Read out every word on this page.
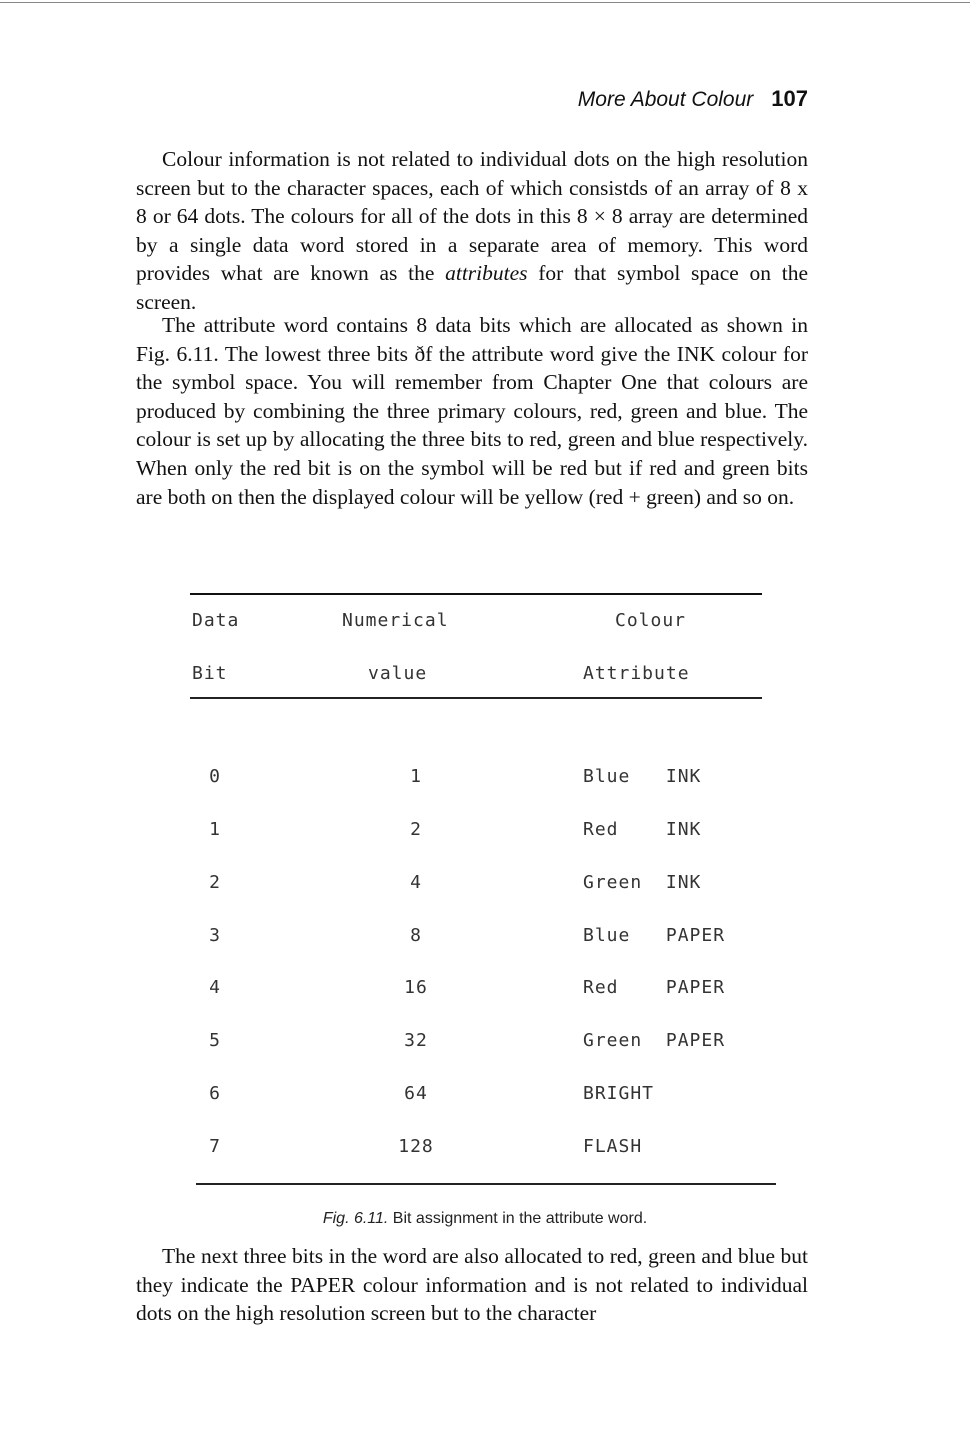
More About Colour 107

Colour information is not related to individual dots on the high resolution screen but to the character spaces, each of which consistds of an array of 8 x 8 or 64 dots. The colours for all of the dots in this 8 × 8 array are determined by a single data word stored in a separate area of memory. This word provides what are known as the attributes for that symbol space on the screen.

The attribute word contains 8 data bits which are allocated as shown in Fig. 6.11. The lowest three bits ðf the attribute word give the INK colour for the symbol space. You will remember from Chapter One that colours are produced by combining the three primary colours, red, green and blue. The colour is set up by allocating the three bits to red, green and blue respectively. When only the red bit is on the symbol will be red but if red and green bits are both on then the displayed colour will be yellow (red + green) and so on.

Data	Numerical	Colour
Bit	value	Attribute
0	1	Blue   INK
1	2	Red    INK
2	4	Green  INK
3	8	Blue   PAPER
4	16	Red    PAPER
5	32	Green  PAPER
6	64	BRIGHT
7	128	FLASH
Fig. 6.11. Bit assignment in the attribute word.

The next three bits in the word are also allocated to red, green and blue but they indicate the PAPER colour information and is not related to individual dots on the high resolution screen but to the character
